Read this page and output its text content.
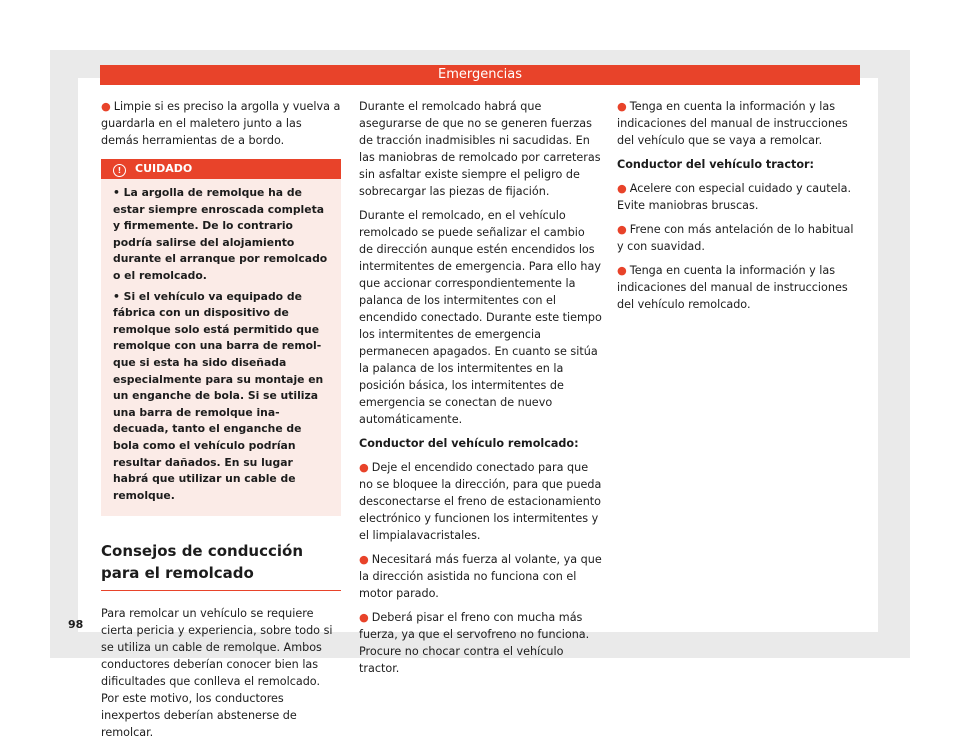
Emergencias

● Limpie si es preciso la argolla y vuelva a guardarla en el maletero junto a las demás herramientas de a bordo.

! CUIDADO

• La argolla de remolque ha de estar siempre enroscada completa y firmemente. De lo contrario podría salirse del alojamiento durante el arranque por remolcado o el remolcado.

• Si el vehículo va equipado de fábrica con un dispositivo de remolque solo está permitido que remolque con una barra de remolque si esta ha sido diseñada especialmente para su montaje en un enganche de bola. Si se utiliza una barra de remolque inadecuada, tanto el enganche de bola como el vehículo podrían resultar dañados. En su lugar habrá que utilizar un cable de remolque.

Consejos de conducción para el remolcado

Para remolcar un vehículo se requiere cierta pericia y experiencia, sobre todo si se utiliza un cable de remolque. Ambos conductores deberían conocer bien las dificultades que conlleva el remolcado. Por este motivo, los conductores inexpertos deberían abstenerse de remolcar.

Durante el remolcado habrá que asegurarse de que no se generen fuerzas de tracción inadmisibles ni sacudidas. En las maniobras de remolcado por carreteras sin asfaltar existe siempre el peligro de sobrecargar las piezas de fijación.

Durante el remolcado, en el vehículo remolcado se puede señalizar el cambio de dirección aunque estén encendidos los intermitentes de emergencia. Para ello hay que accionar correspondientemente la palanca de los intermitentes con el encendido conectado. Durante este tiempo los intermitentes de emergencia permanecen apagados. En cuanto se sitúa la palanca de los intermitentes en la posición básica, los intermitentes de emergencia se conectan de nuevo automáticamente.

Conductor del vehículo remolcado:

● Deje el encendido conectado para que no se bloquee la dirección, para que pueda desconectarse el freno de estacionamiento electrónico y funcionen los intermitentes y el limpialavacristales.

● Necesitará más fuerza al volante, ya que la dirección asistida no funciona con el motor parado.

● Deberá pisar el freno con mucha más fuerza, ya que el servofreno no funciona. Procure no chocar contra el vehículo tractor.

● Tenga en cuenta la información y las indicaciones del manual de instrucciones del vehículo que se vaya a remolcar.

Conductor del vehículo tractor:

● Acelere con especial cuidado y cautela. Evite maniobras bruscas.

● Frene con más antelación de lo habitual y con suavidad.

● Tenga en cuenta la información y las indicaciones del manual de instrucciones del vehículo remolcado.

98
